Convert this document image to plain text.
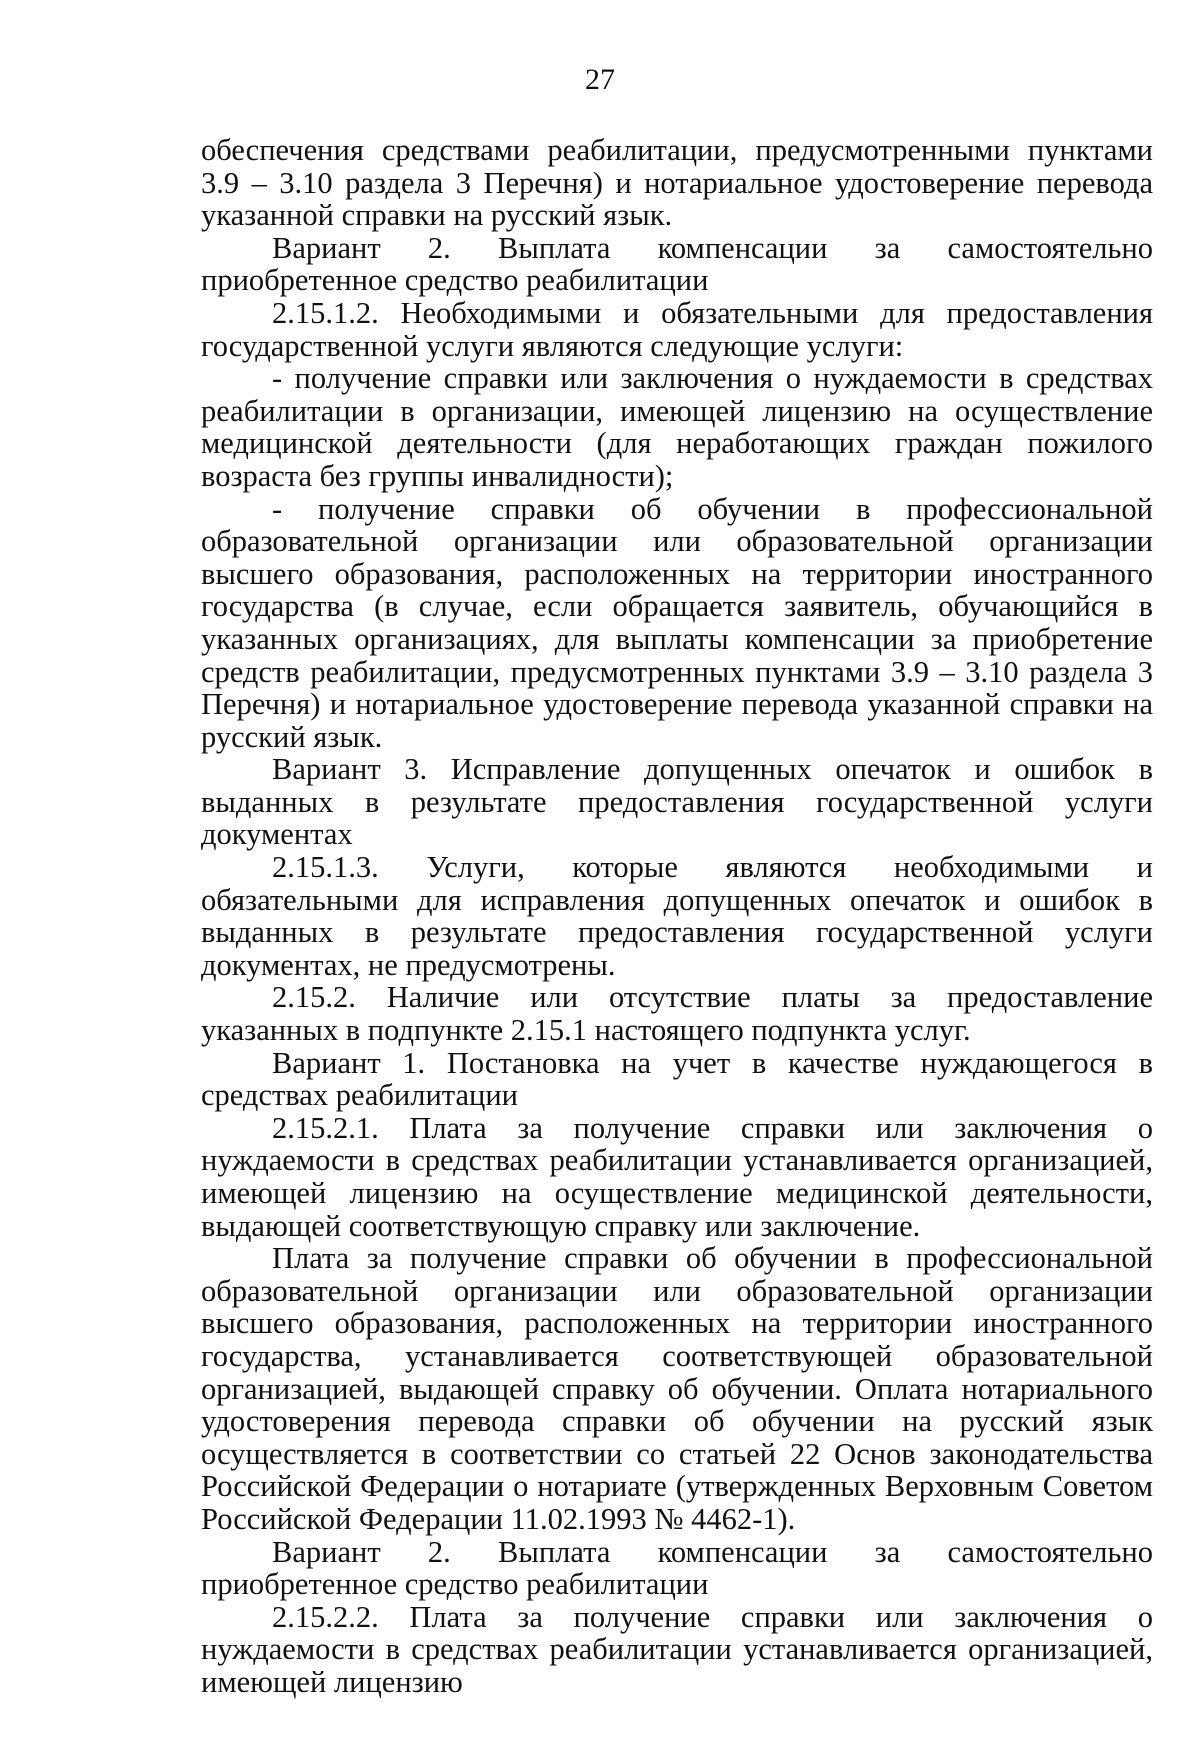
27

обеспечения средствами реабилитации, предусмотренными пунктами 3.9 – 3.10 раздела 3 Перечня) и нотариальное удостоверение перевода указанной справки на русский язык.

Вариант 2. Выплата компенсации за самостоятельно приобретенное средство реабилитации

2.15.1.2. Необходимыми и обязательными для предоставления государственной услуги являются следующие услуги:

- получение справки или заключения о нуждаемости в средствах реабилитации в организации, имеющей лицензию на осуществление медицинской деятельности (для неработающих граждан пожилого возраста без группы инвалидности);

- получение справки об обучении в профессиональной образовательной организации или образовательной организации высшего образования, расположенных на территории иностранного государства (в случае, если обращается заявитель, обучающийся в указанных организациях, для выплаты компенсации за приобретение средств реабилитации, предусмотренных пунктами 3.9 – 3.10 раздела 3 Перечня) и нотариальное удостоверение перевода указанной справки на русский язык.

Вариант 3. Исправление допущенных опечаток и ошибок в выданных в результате предоставления государственной услуги документах

2.15.1.3. Услуги, которые являются необходимыми и обязательными для исправления допущенных опечаток и ошибок в выданных в результате предоставления государственной услуги документах, не предусмотрены.

2.15.2. Наличие или отсутствие платы за предоставление указанных в подпункте 2.15.1 настоящего подпункта услуг.

Вариант 1. Постановка на учет в качестве нуждающегося в средствах реабилитации

2.15.2.1. Плата за получение справки или заключения о нуждаемости в средствах реабилитации устанавливается организацией, имеющей лицензию на осуществление медицинской деятельности, выдающей соответствующую справку или заключение.

Плата за получение справки об обучении в профессиональной образовательной организации или образовательной организации высшего образования, расположенных на территории иностранного государства, устанавливается соответствующей образовательной организацией, выдающей справку об обучении. Оплата нотариального удостоверения перевода справки об обучении на русский язык осуществляется в соответствии со статьей 22 Основ законодательства Российской Федерации о нотариате (утвержденных Верховным Советом Российской Федерации 11.02.1993 № 4462-1).

Вариант 2. Выплата компенсации за самостоятельно приобретенное средство реабилитации

2.15.2.2. Плата за получение справки или заключения о нуждаемости в средствах реабилитации устанавливается организацией, имеющей лицензию
